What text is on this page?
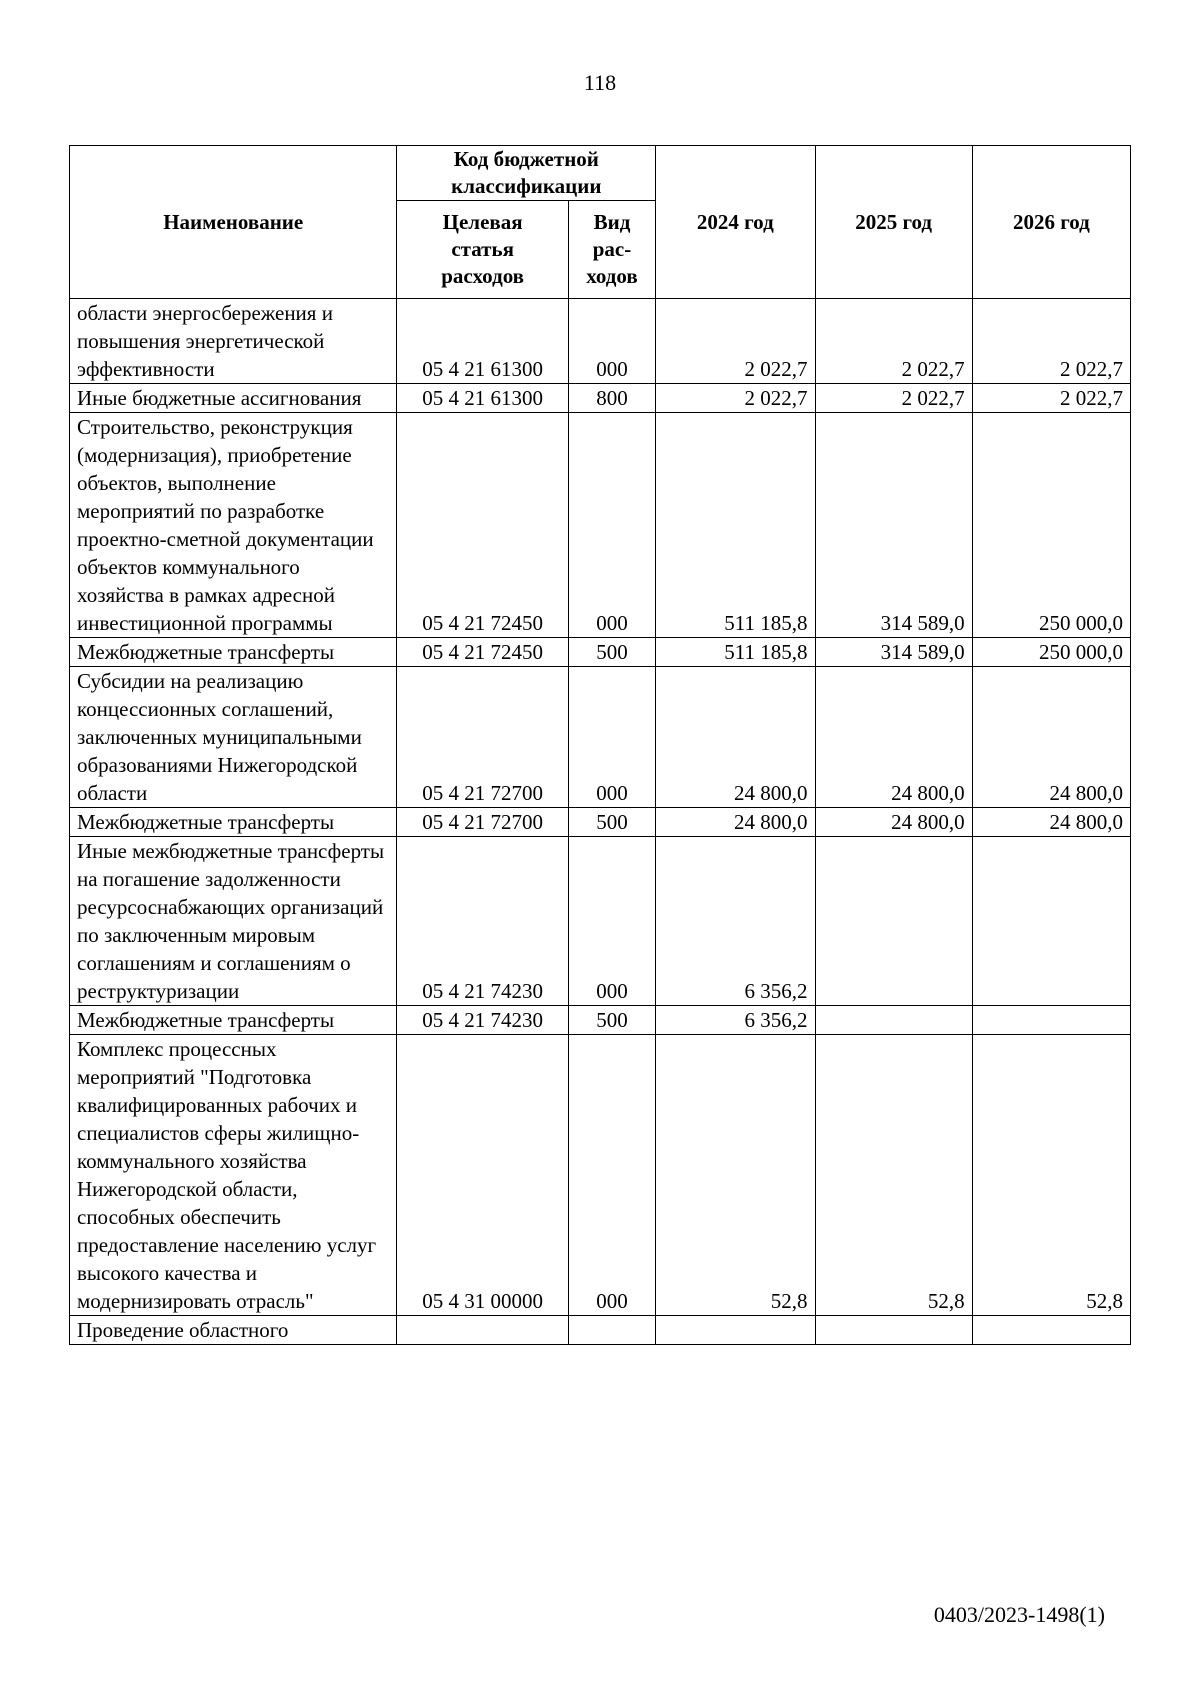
118
Наименование	Код бюджетной классификации		2024 год	2025 год	2026 год
	Целевая статья расходов	Вид рас-ходов			
области энергосбережения и повышения энергетической эффективности	05 4 21 61300	000	2 022,7	2 022,7	2 022,7
Иные бюджетные ассигнования	05 4 21 61300	800	2 022,7	2 022,7	2 022,7
Строительство, реконструкция (модернизация), приобретение объектов, выполнение мероприятий по разработке проектно-сметной документации объектов коммунального хозяйства в рамках адресной инвестиционной программы	05 4 21 72450	000	511 185,8	314 589,0	250 000,0
Межбюджетные трансферты	05 4 21 72450	500	511 185,8	314 589,0	250 000,0
Субсидии на реализацию концессионных соглашений, заключенных муниципальными образованиями Нижегородской области	05 4 21 72700	000	24 800,0	24 800,0	24 800,0
Межбюджетные трансферты	05 4 21 72700	500	24 800,0	24 800,0	24 800,0
Иные межбюджетные трансферты на погашение задолженности ресурсоснабжающих организаций по заключенным мировым соглашениям и соглашениям о реструктуризации	05 4 21 74230	000	6 356,2		
Межбюджетные трансферты	05 4 21 74230	500	6 356,2		
Комплекс процессных мероприятий "Подготовка квалифицированных рабочих и специалистов сферы жилищно-коммунального хозяйства Нижегородской области, способных обеспечить предоставление населению услуг высокого качества и модернизировать отрасль"	05 4 31 00000	000	52,8	52,8	52,8
Проведение областного					
0403/2023-1498(1)
